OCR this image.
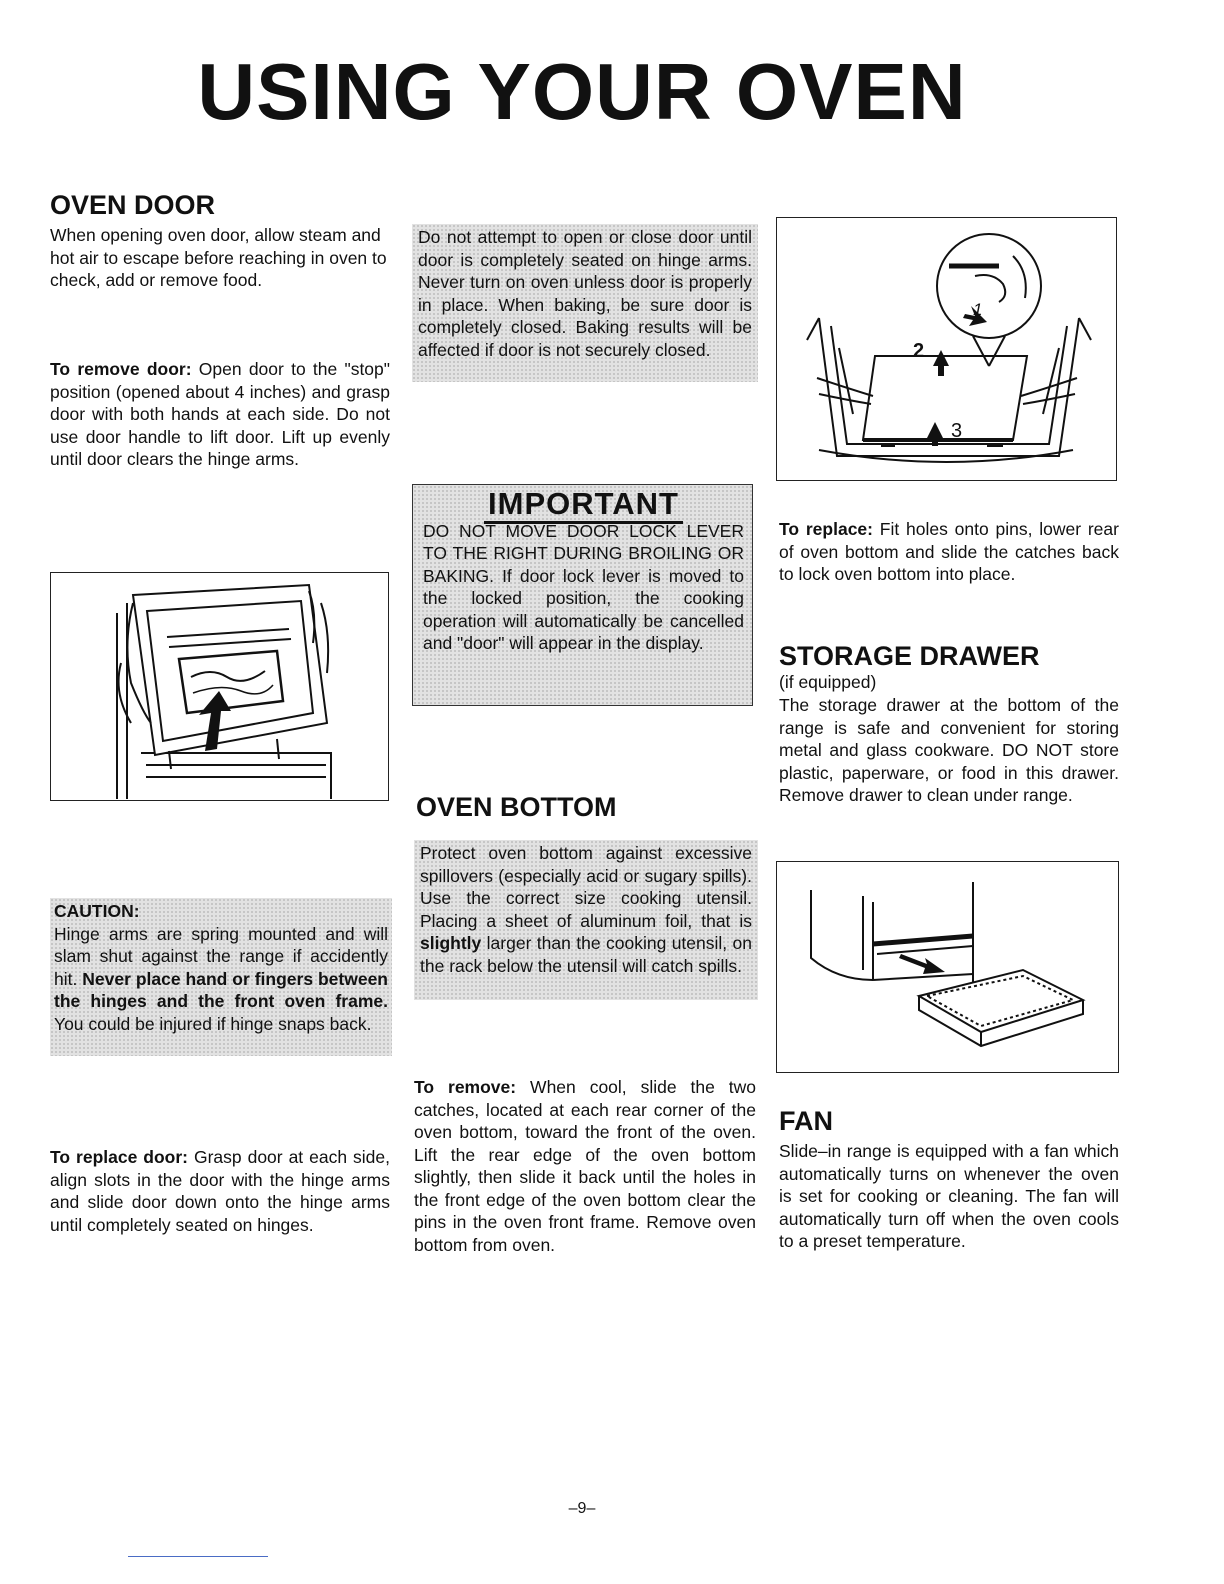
USING YOUR OVEN
OVEN DOOR
When opening oven door, allow steam and hot air to escape before reaching in oven to check, add or remove food.
To remove door: Open door to the "stop" position (opened about 4 inches) and grasp door with both hands at each side. Do not use door handle to lift door. Lift up evenly until door clears the hinge arms.
CAUTION:
Hinge arms are spring mounted and will slam shut against the range if accidently hit. Never place hand or fingers between the hinges and the front oven frame. You could be injured if hinge snaps back.
To replace door: Grasp door at each side, align slots in the door with the hinge arms and slide door down onto the hinge arms until completely seated on hinges.
Do not attempt to open or close door until door is completely seated on hinge arms. Never turn on oven unless door is properly in place. When baking, be sure door is completely closed. Baking results will be affected if door is not securely closed.
IMPORTANT
DO NOT MOVE DOOR LOCK LEVER TO THE RIGHT DURING BROILING OR BAKING. If door lock lever is moved to the locked position, the cooking operation will automatically be cancelled and "door" will appear in the display.
OVEN BOTTOM
Protect oven bottom against excessive spillovers (especially acid or sugary spills). Use the correct size cooking utensil. Placing a sheet of aluminum foil, that is slightly larger than the cooking utensil, on the rack below the utensil will catch spills.
To remove: When cool, slide the two catches, located at each rear corner of the oven bottom, toward the front of the oven. Lift the rear edge of the oven bottom slightly, then slide it back until the holes in the front edge of the oven bottom clear the pins in the oven front frame. Remove oven bottom from oven.
1
2
3
To replace: Fit holes onto pins, lower rear of oven bottom and slide the catches back to lock oven bottom into place.
STORAGE DRAWER
(if equipped)
The storage drawer at the bottom of the range is safe and convenient for storing metal and glass cookware. DO NOT store plastic, paperware, or food in this drawer. Remove drawer to clean under range.
FAN
Slide–in range is equipped with a fan which automatically turns on whenever the oven is set for cooking or cleaning. The fan will automatically turn off when the oven cools to a preset temperature.
–9–
